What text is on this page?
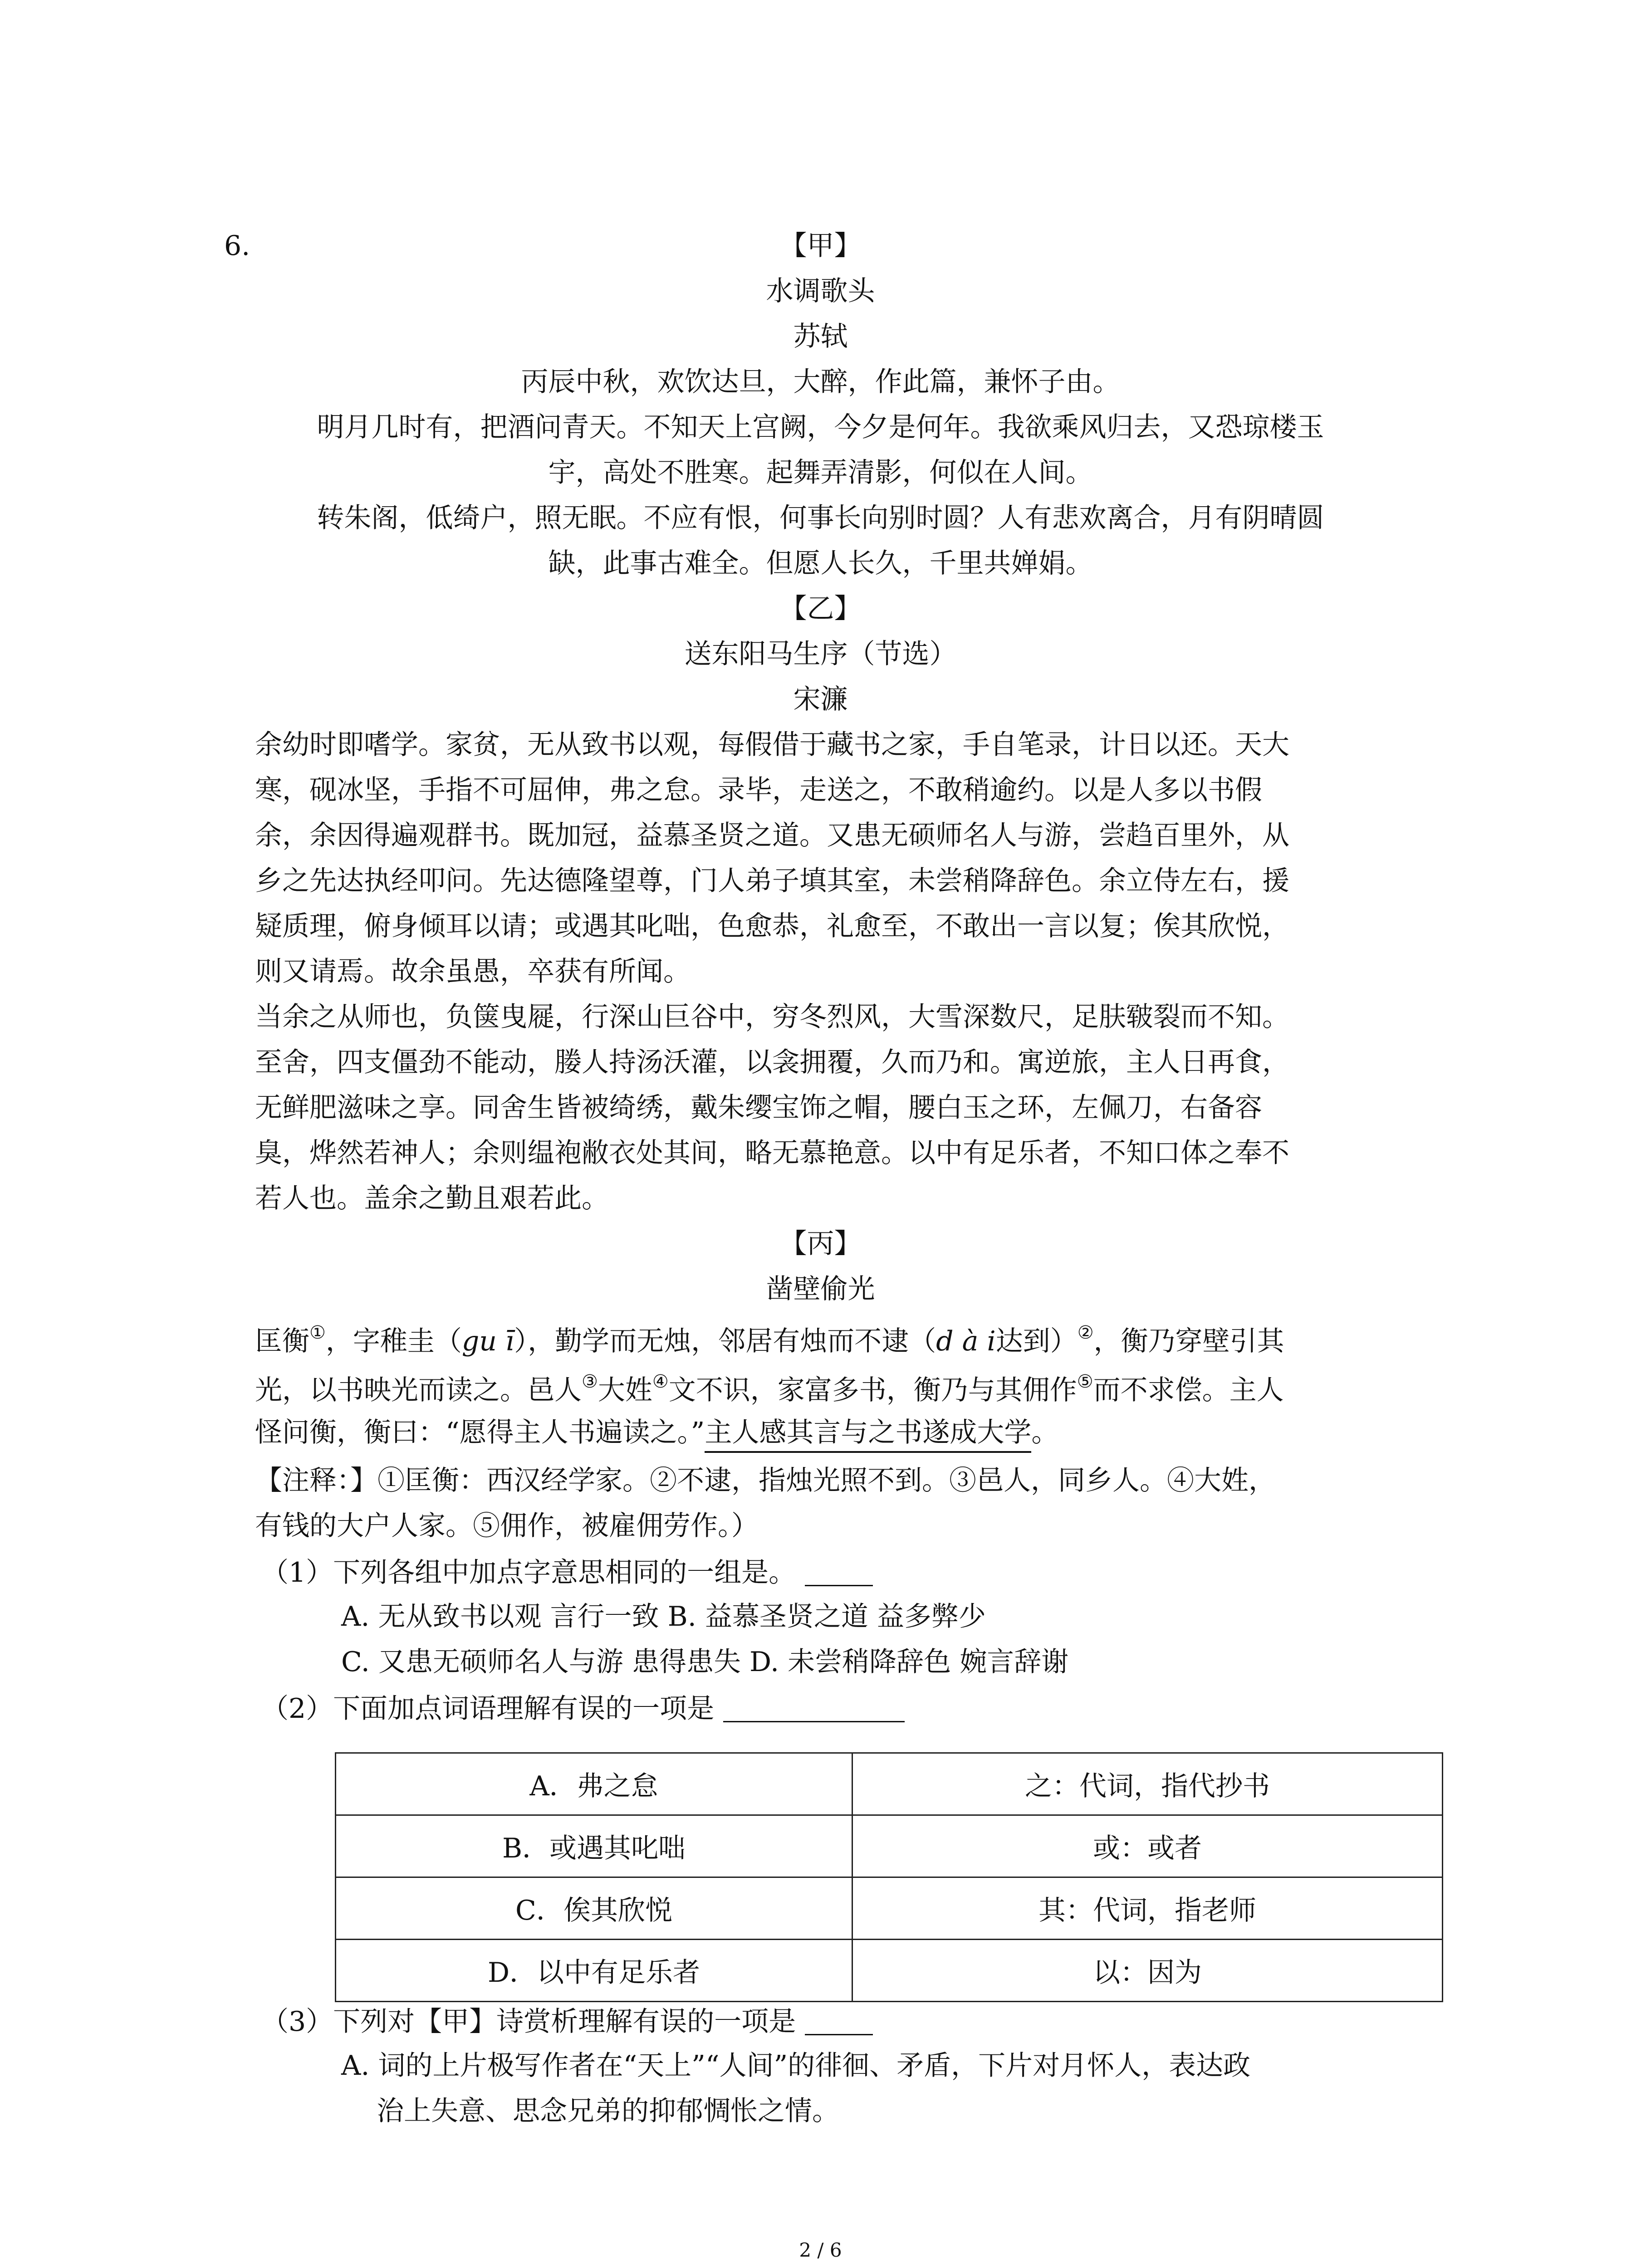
6.	【甲】
水调歌头
苏轼
丙辰中秋，欢饮达旦，大醉，作此篇，兼怀子由。
明月几时有，把酒问青天。不知天上宫阙，今夕是何年。我欲乘风归去，又恐琼楼玉
宇，高处不胜寒。起舞弄清影，何似在人间。
转朱阁，低绮户，照无眠。不应有恨，何事长向别时圆？人有悲欢离合，月有阴晴圆
缺，此事古难全。但愿人长久，千里共婵娟。
【乙】
送东阳马生序（节选）
宋濂
余幼时即嗜学。家贫，无从致书以观，每假借于藏书之家，手自笔录，计日以还。天大
寒，砚冰坚，手指不可屈伸，弗之怠。录毕，走送之，不敢稍逾约。以是人多以书假
余，余因得遍观群书。既加冠，益慕圣贤之道。又患无硕师名人与游，尝趋百里外，从
乡之先达执经叩问。先达德隆望尊，门人弟子填其室，未尝稍降辞色。余立侍左右，援
疑质理，俯身倾耳以请；或遇其叱咄，色愈恭，礼愈至，不敢出一言以复；俟其欣悦，
则又请焉。故余虽愚，卒获有所闻。
当余之从师也，负箧曳屣，行深山巨谷中，穷冬烈风，大雪深数尺，足肤皲裂而不知。
至舍，四支僵劲不能动，媵人持汤沃灌，以衾拥覆，久而乃和。寓逆旅，主人日再食，
无鲜肥滋味之享。同舍生皆被绮绣，戴朱缨宝饰之帽，腰白玉之环，左佩刀，右备容
臭，烨然若神人；余则缊袍敝衣处其间，略无慕艳意。以中有足乐者，不知口体之奉不
若人也。盖余之勤且艰若此。
【丙】
凿壁偷光
匡衡①，字稚圭（gu ī），勤学而无烛，邻居有烛而不逮（d à i达到）②，衡乃穿壁引其
光，以书映光而读之。邑人③大姓④文不识，家富多书，衡乃与其佣作⑤而不求偿。主人
怪问衡，衡曰：“愿得主人书遍读之。”主人感其言与之书遂成大学。
【注释：】①匡衡：西汉经学家。②不逮，指烛光照不到。③邑人，同乡人。④大姓，
有钱的大户人家。⑤佣作，被雇佣劳作。）
（1）下列各组中加点字意思相同的一组是。
A. 无从致书以观 言行一致 B. 益慕圣贤之道 益多弊少
C. 又患无硕师名人与游 患得患失 D. 未尝稍降辞色 婉言辞谢
（2）下面加点词语理解有误的一项是
A．弗之怠	之：代词，指代抄书
B．或遇其叱咄	或：或者
C．俟其欣悦	其：代词，指老师
D．以中有足乐者	以：因为
（3）下列对【甲】诗赏析理解有误的一项是
A. 词的上片极写作者在“天上”“人间”的徘徊、矛盾，下片对月怀人，表达政
治上失意、思念兄弟的抑郁惆怅之情。
2 / 6
